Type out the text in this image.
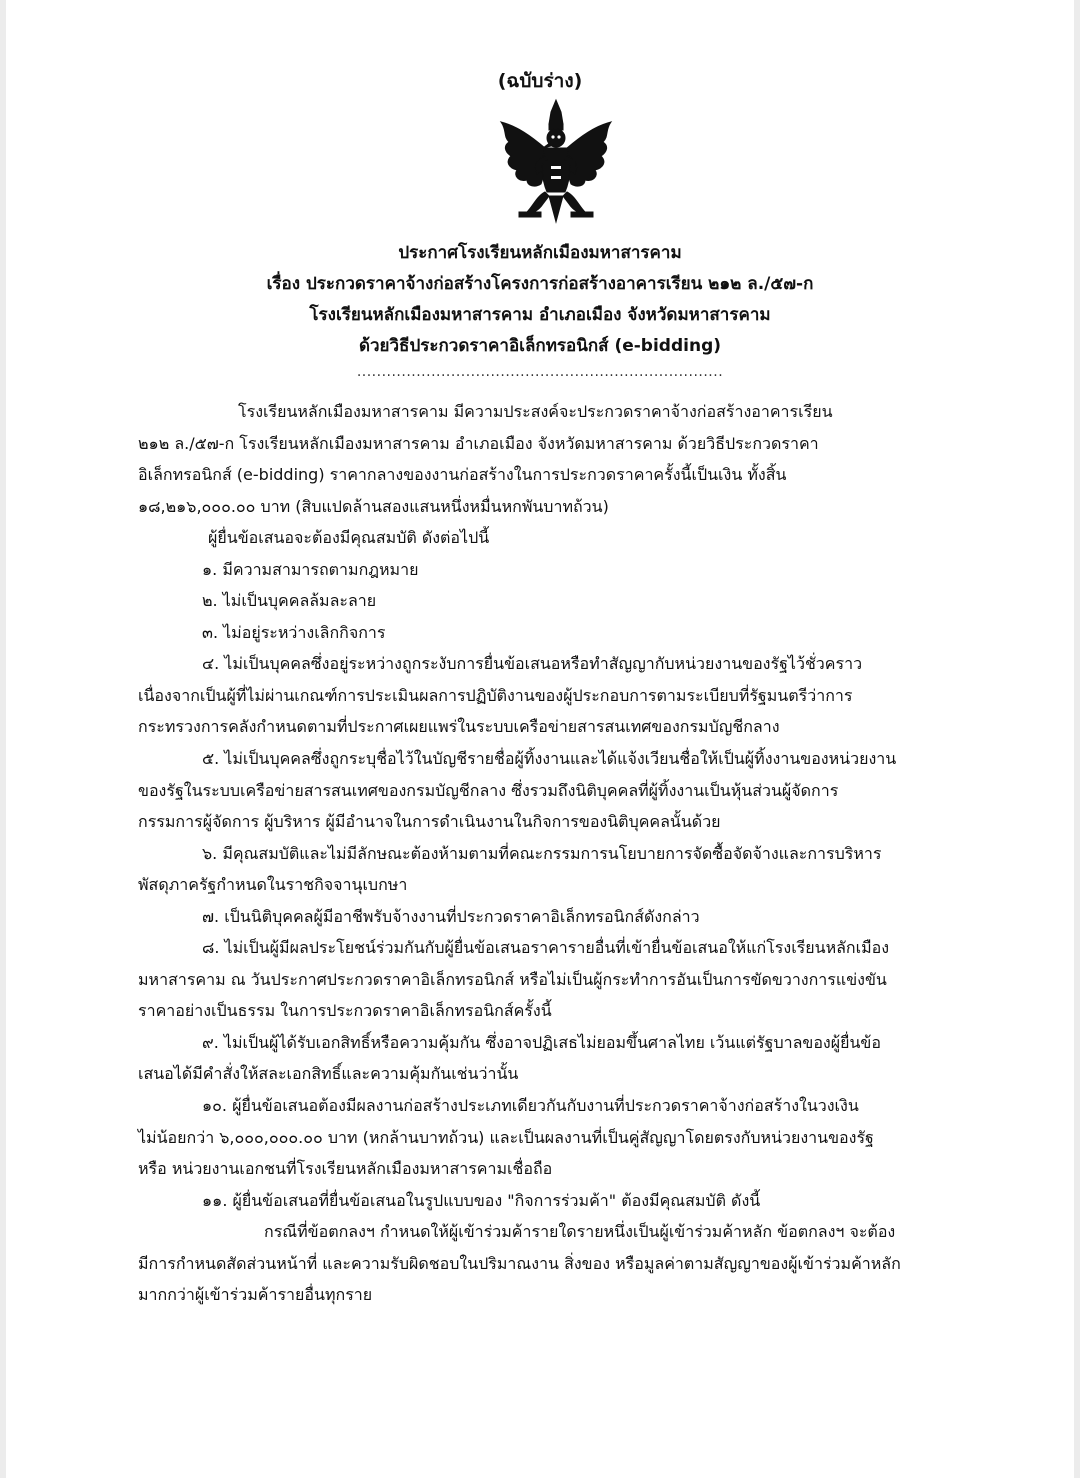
(ฉบับร่าง)
ประกาศโรงเรียนหลักเมืองมหาสารคาม
เรื่อง ประกวดราคาจ้างก่อสร้างโครงการก่อสร้างอาคารเรียน ๒๑๒ ล./๕๗-ก
โรงเรียนหลักเมืองมหาสารคาม อำเภอเมือง จังหวัดมหาสารคาม
ด้วยวิธีประกวดราคาอิเล็กทรอนิกส์ (e-bidding)
..........................................................................
โรงเรียนหลักเมืองมหาสารคาม มีความประสงค์จะประกวดราคาจ้างก่อสร้างอาคารเรียน
๒๑๒ ล./๕๗-ก โรงเรียนหลักเมืองมหาสารคาม อำเภอเมือง จังหวัดมหาสารคาม ด้วยวิธีประกวดราคา
อิเล็กทรอนิกส์ (e-bidding) ราคากลางของงานก่อสร้างในการประกวดราคาครั้งนี้เป็นเงิน ทั้งสิ้น
๑๘,๒๑๖,๐๐๐.๐๐ บาท (สิบแปดล้านสองแสนหนึ่งหมื่นหกพันบาทถ้วน)
ผู้ยื่นข้อเสนอจะต้องมีคุณสมบัติ ดังต่อไปนี้
๑. มีความสามารถตามกฎหมาย
๒. ไม่เป็นบุคคลล้มละลาย
๓. ไม่อยู่ระหว่างเลิกกิจการ
๔. ไม่เป็นบุคคลซึ่งอยู่ระหว่างถูกระงับการยื่นข้อเสนอหรือทำสัญญากับหน่วยงานของรัฐไว้ชั่วคราว
เนื่องจากเป็นผู้ที่ไม่ผ่านเกณฑ์การประเมินผลการปฏิบัติงานของผู้ประกอบการตามระเบียบที่รัฐมนตรีว่าการ
กระทรวงการคลังกำหนดตามที่ประกาศเผยแพร่ในระบบเครือข่ายสารสนเทศของกรมบัญชีกลาง
๕. ไม่เป็นบุคคลซึ่งถูกระบุชื่อไว้ในบัญชีรายชื่อผู้ทิ้งงานและได้แจ้งเวียนชื่อให้เป็นผู้ทิ้งงานของหน่วยงาน
ของรัฐในระบบเครือข่ายสารสนเทศของกรมบัญชีกลาง ซึ่งรวมถึงนิติบุคคลที่ผู้ทิ้งงานเป็นหุ้นส่วนผู้จัดการ
กรรมการผู้จัดการ ผู้บริหาร ผู้มีอำนาจในการดำเนินงานในกิจการของนิติบุคคลนั้นด้วย
๖. มีคุณสมบัติและไม่มีลักษณะต้องห้ามตามที่คณะกรรมการนโยบายการจัดซื้อจัดจ้างและการบริหาร
พัสดุภาครัฐกำหนดในราชกิจจานุเบกษา
๗. เป็นนิติบุคคลผู้มีอาชีพรับจ้างงานที่ประกวดราคาอิเล็กทรอนิกส์ดังกล่าว
๘. ไม่เป็นผู้มีผลประโยชน์ร่วมกันกับผู้ยื่นข้อเสนอราคารายอื่นที่เข้ายื่นข้อเสนอให้แก่โรงเรียนหลักเมือง
มหาสารคาม ณ วันประกาศประกวดราคาอิเล็กทรอนิกส์ หรือไม่เป็นผู้กระทำการอันเป็นการขัดขวางการแข่งขัน
ราคาอย่างเป็นธรรม ในการประกวดราคาอิเล็กทรอนิกส์ครั้งนี้
๙. ไม่เป็นผู้ได้รับเอกสิทธิ์หรือความคุ้มกัน ซึ่งอาจปฏิเสธไม่ยอมขึ้นศาลไทย เว้นแต่รัฐบาลของผู้ยื่นข้อ
เสนอได้มีคำสั่งให้สละเอกสิทธิ์และความคุ้มกันเช่นว่านั้น
๑๐. ผู้ยื่นข้อเสนอต้องมีผลงานก่อสร้างประเภทเดียวกันกับงานที่ประกวดราคาจ้างก่อสร้างในวงเงิน
ไม่น้อยกว่า ๖,๐๐๐,๐๐๐.๐๐ บาท (หกล้านบาทถ้วน) และเป็นผลงานที่เป็นคู่สัญญาโดยตรงกับหน่วยงานของรัฐ
หรือ หน่วยงานเอกชนที่โรงเรียนหลักเมืองมหาสารคามเชื่อถือ
๑๑. ผู้ยื่นข้อเสนอที่ยื่นข้อเสนอในรูปแบบของ "กิจการร่วมค้า" ต้องมีคุณสมบัติ ดังนี้
กรณีที่ข้อตกลงฯ กำหนดให้ผู้เข้าร่วมค้ารายใดรายหนึ่งเป็นผู้เข้าร่วมค้าหลัก ข้อตกลงฯ จะต้อง
มีการกำหนดสัดส่วนหน้าที่ และความรับผิดชอบในปริมาณงาน สิ่งของ หรือมูลค่าตามสัญญาของผู้เข้าร่วมค้าหลัก
มากกว่าผู้เข้าร่วมค้ารายอื่นทุกราย
